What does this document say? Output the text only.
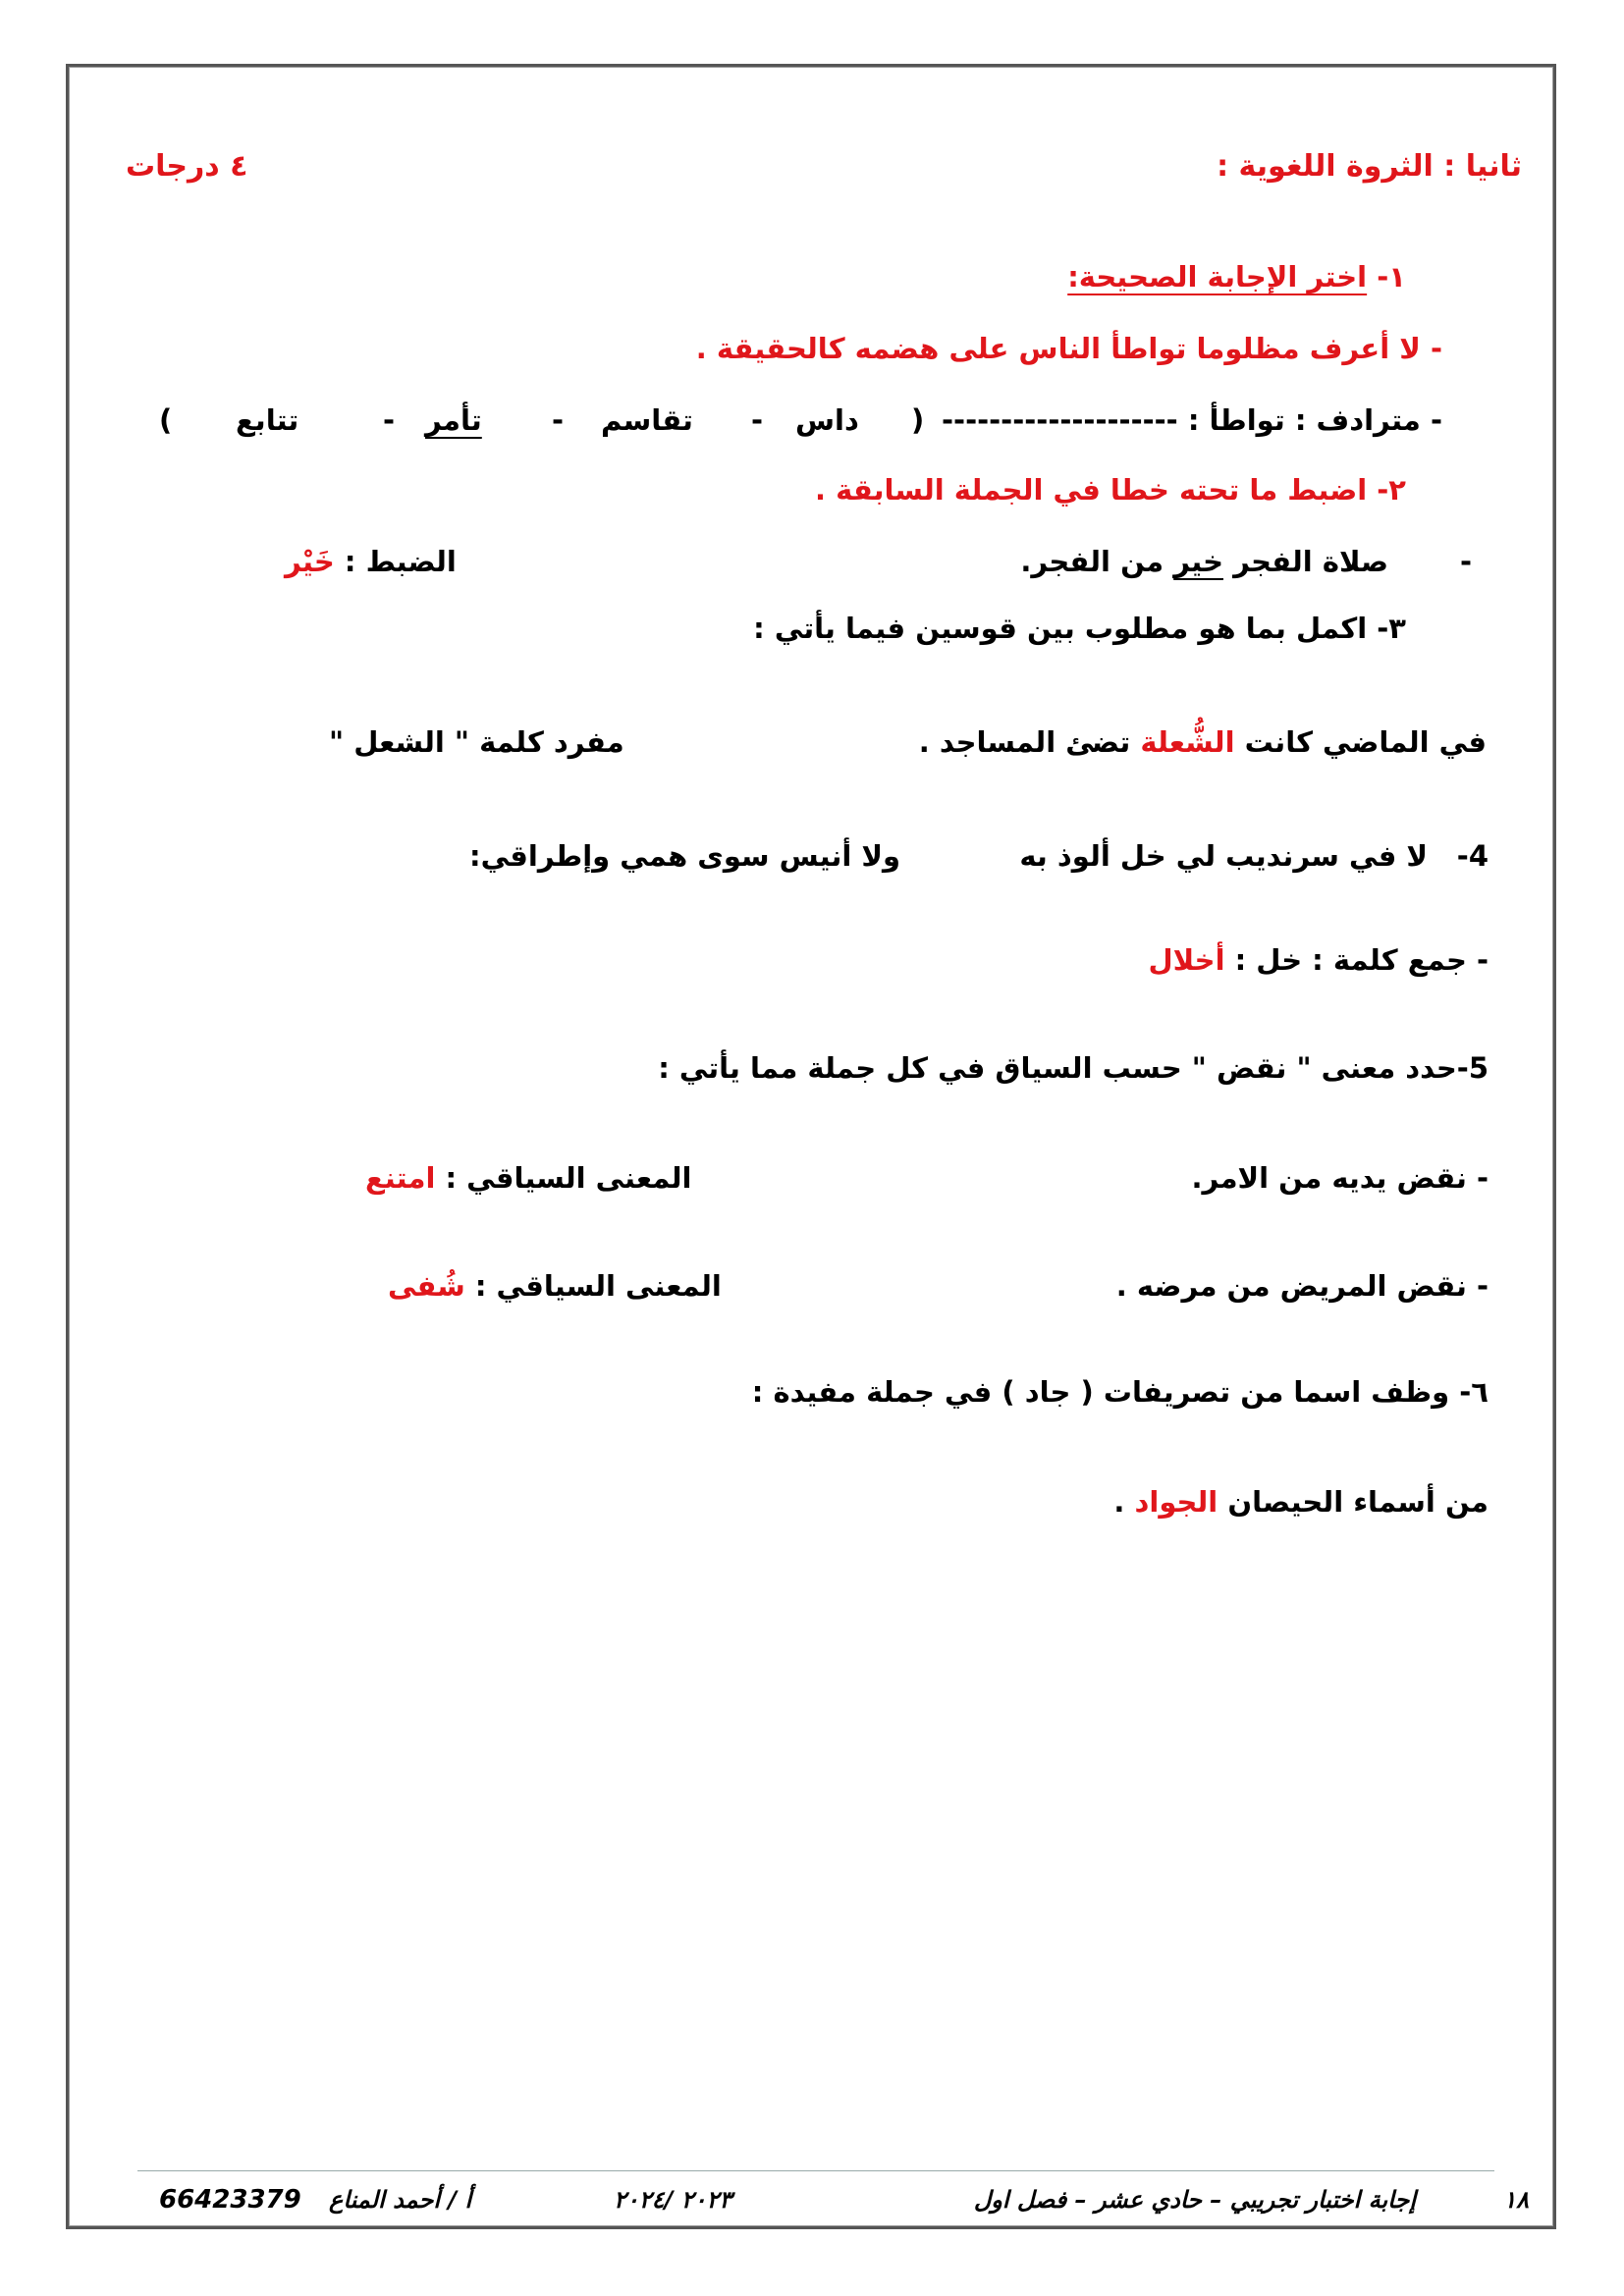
ثانيا : الثروة اللغوية :
٤ درجات
١- اختر الإجابة الصحيحة:
- لا أعرف مظلوما تواطأ الناس على هضمه كالحقيقة .
- مترادف : تواطأ : --------------------
(
داس
-
تقاسم
-
تأمر
-
تتابع
)
٢- اضبط ما تحته خطا في الجملة السابقة .
-
صلاة الفجر خير من الفجر.
الضبط : خَيْر
٣- اكمل بما هو مطلوب بين قوسين فيما يأتي :
في الماضي كانت الشُّعلة تضئ المساجد .
مفرد كلمة " الشعل "
4-
لا في سرنديب لي خل ألوذ به
ولا أنيس سوى همي وإطراقي:
- جمع كلمة : خل : أخلال
5-حدد معنى " نقض " حسب السياق في كل جملة مما يأتي :
- نقض يديه من الامر.
المعنى السياقي : امتنع
- نقض المريض من مرضه .
المعنى السياقي : شُفى
٦- وظف اسما من تصريفات ( جاد ) في جملة مفيدة :
من أسماء الحيصان الجواد .
١٨
إجابة اختبار تجريبي – حادي عشر – فصل اول
٢٠٢٣ /٢٠٢٤
أ / أحمد المناع
66423379
